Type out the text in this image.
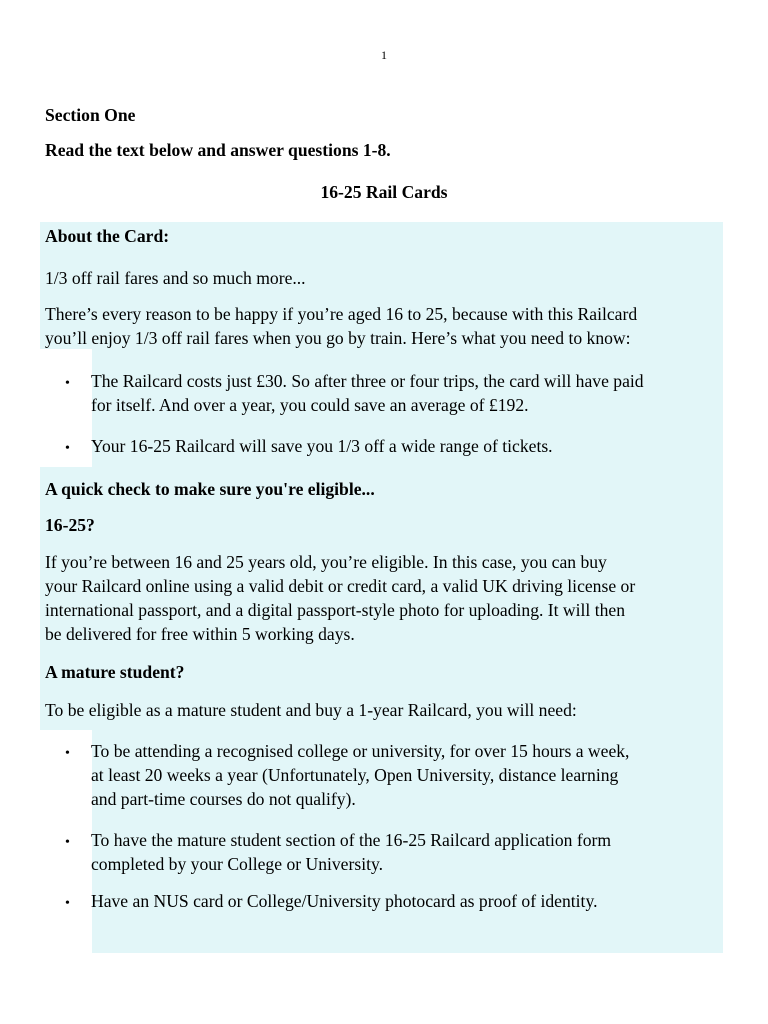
1
Section One
Read the text below and answer questions 1-8.
16-25 Rail Cards
About the Card:
1/3 off rail fares and so much more...
There’s every reason to be happy if you’re aged 16 to 25, because with this Railcard
you’ll enjoy 1/3 off rail fares when you go by train. Here’s what you need to know:
• The Railcard costs just £30. So after three or four trips, the card will have paid
for itself. And over a year, you could save an average of £192.
• Your 16-25 Railcard will save you 1/3 off a wide range of tickets.
A quick check to make sure you're eligible...
16-25?
If you’re between 16 and 25 years old, you’re eligible. In this case, you can buy
your Railcard online using a valid debit or credit card, a valid UK driving license or
international passport, and a digital passport-style photo for uploading. It will then
be delivered for free within 5 working days.
A mature student?
To be eligible as a mature student and buy a 1-year Railcard, you will need:
• To be attending a recognised college or university, for over 15 hours a week,
at least 20 weeks a year (Unfortunately, Open University, distance learning
and part-time courses do not qualify).
• To have the mature student section of the 16-25 Railcard application form
completed by your College or University.
• Have an NUS card or College/University photocard as proof of identity.
